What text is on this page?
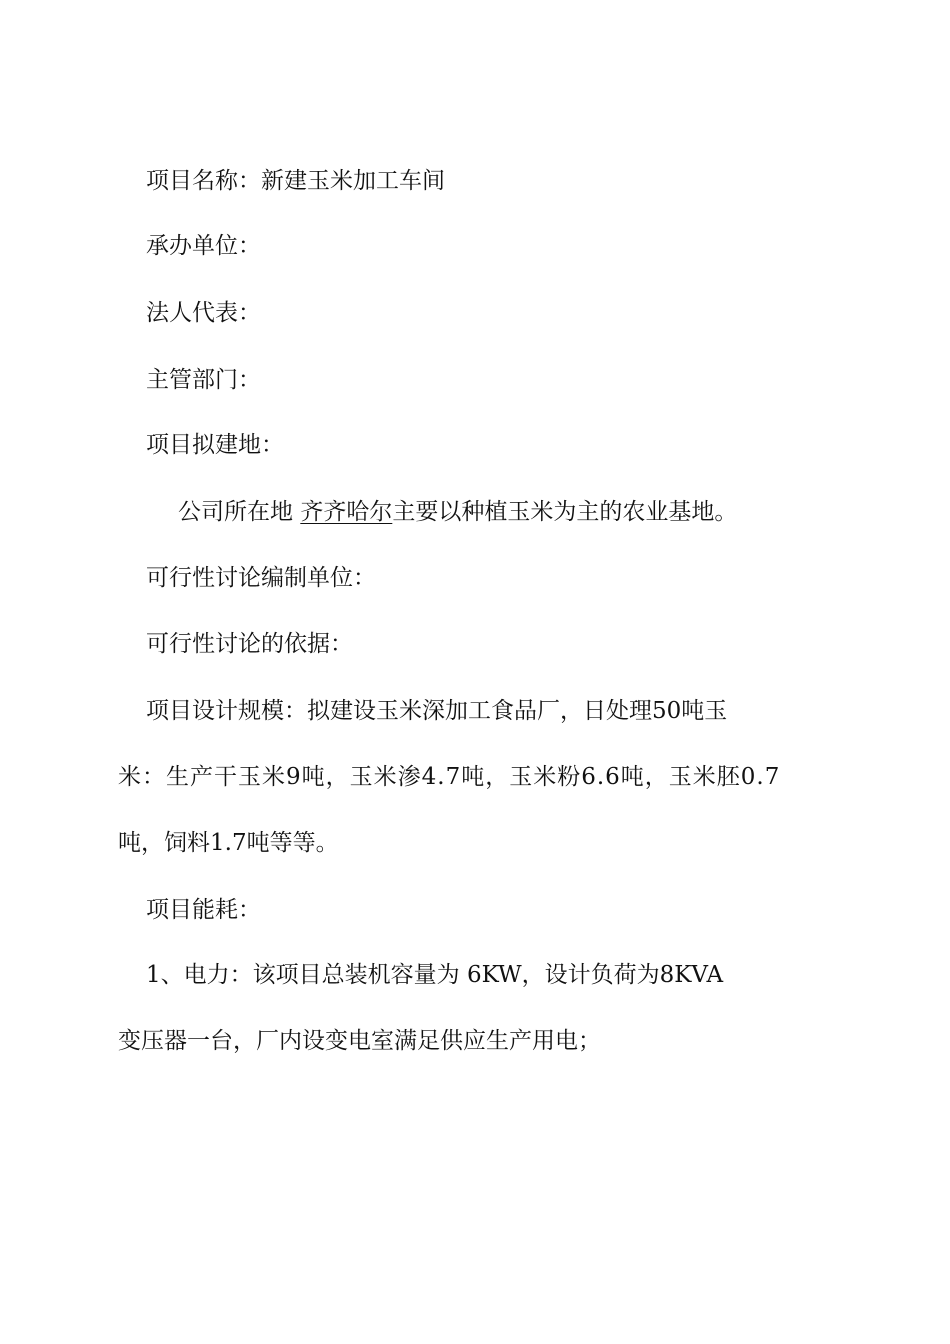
项目名称：新建玉米加工车间
承办单位：
法人代表：
主管部门：
项目拟建地：
公司所在地 齐齐哈尔主要以种植玉米为主的农业基地。
可行性讨论编制单位：
可行性讨论的依据：
项目设计规模：拟建设玉米深加工食品厂，日处理50吨玉
米：生产干玉米9吨，玉米渗4.7吨，玉米粉6.6吨，玉米胚0.7
吨，饲料1.7吨等等。
项目能耗：
1、电力：该项目总装机容量为 6KW，设计负荷为8KVA
变压器一台，厂内设变电室满足供应生产用电；
